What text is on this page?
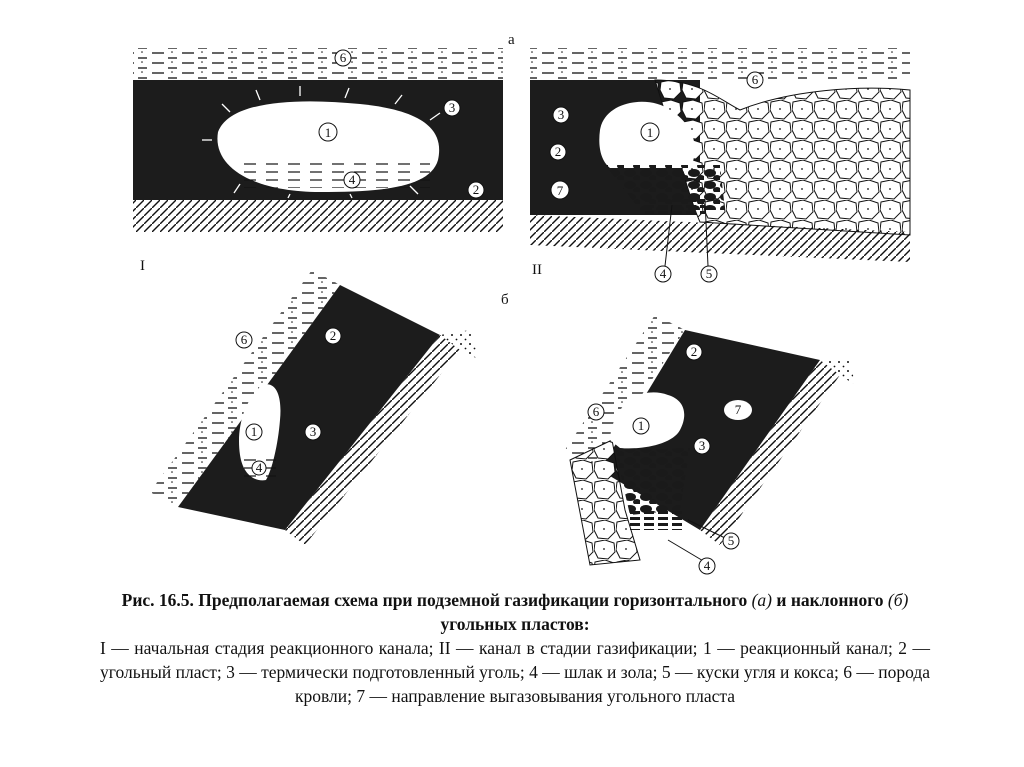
I	II
а
б
6
1
3
4
2
6
3
1
2
7
4	5
6	2
1	3
4
2
6
1
7
3
5
4
Рис. 16.5. Предполагаемая схема при подземной газификации горизонтального (а) и наклонного (б) угольных пластов:
I — начальная стадия реакционного канала; II — канал в стадии газификации; 1 — реакционный канал; 2 — угольный пласт; 3 — термически подготовленный уголь; 4 — шлак и зола; 5 — куски угля и кокса; 6 — порода кровли; 7 — направление выгазовывания угольного пласта
